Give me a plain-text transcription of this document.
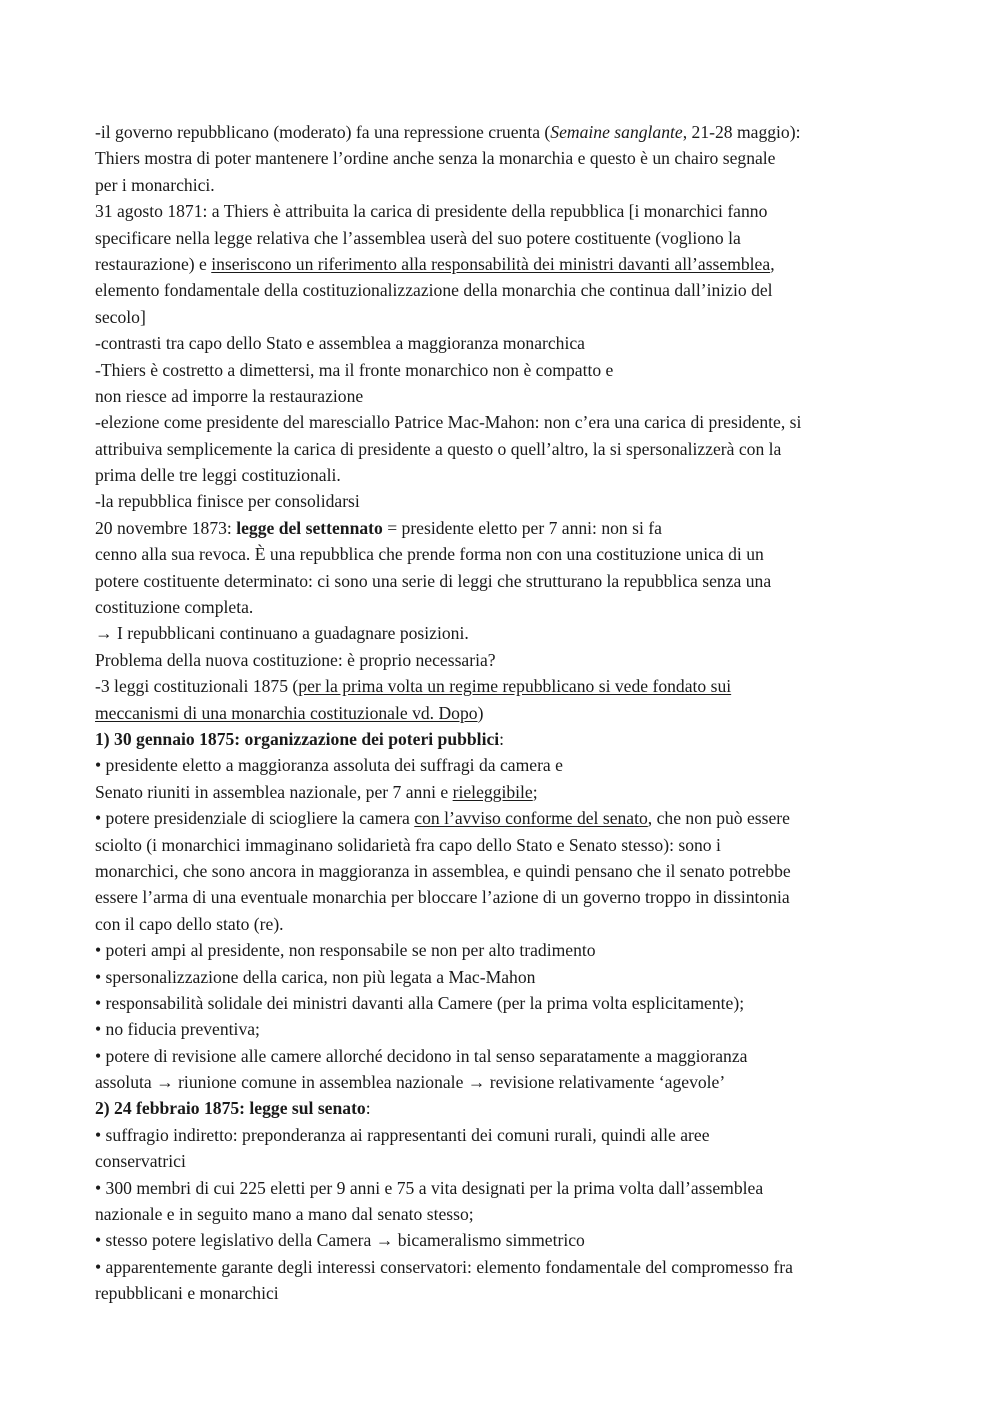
-il governo repubblicano (moderato) fa una repressione cruenta (Semaine sanglante, 21-28 maggio):
Thiers mostra di poter mantenere l’ordine anche senza la monarchia e questo è un chairo segnale
per i monarchici.
31 agosto 1871: a Thiers è attribuita la carica di presidente della repubblica [i monarchici fanno
specificare nella legge relativa che l’assemblea userà del suo potere costituente (vogliono la
restaurazione) e inseriscono un riferimento alla responsabilità dei ministri davanti all’assemblea,
elemento fondamentale della costituzionalizzazione della monarchia che continua dall’inizio del
secolo]
-contrasti tra capo dello Stato e assemblea a maggioranza monarchica
-Thiers è costretto a dimettersi, ma il fronte monarchico non è compatto e
non riesce ad imporre la restaurazione
-elezione come presidente del maresciallo Patrice Mac-Mahon: non c’era una carica di presidente, si
attribuiva semplicemente la carica di presidente a questo o quell’altro, la si spersonalizzerà con la
prima delle tre leggi costituzionali.
-la repubblica finisce per consolidarsi
20 novembre 1873: legge del settennato = presidente eletto per 7 anni: non si fa
cenno alla sua revoca. È una repubblica che prende forma non con una costituzione unica di un
potere costituente determinato: ci sono una serie di leggi che strutturano la repubblica senza una
costituzione completa.
→ I repubblicani continuano a guadagnare posizioni.
Problema della nuova costituzione: è proprio necessaria?
-3 leggi costituzionali 1875 (per la prima volta un regime repubblicano si vede fondato sui
meccanismi di una monarchia costituzionale vd. Dopo)
1) 30 gennaio 1875: organizzazione dei poteri pubblici:
• presidente eletto a maggioranza assoluta dei suffragi da camera e
Senato riuniti in assemblea nazionale, per 7 anni e rieleggibile;
• potere presidenziale di sciogliere la camera con l’avviso conforme del senato, che non può essere
sciolto (i monarchici immaginano solidarietà fra capo dello Stato e Senato stesso): sono i
monarchici, che sono ancora in maggioranza in assemblea, e quindi pensano che il senato potrebbe
essere l’arma di una eventuale monarchia per bloccare l’azione di un governo troppo in dissintonia
con il capo dello stato (re).
• poteri ampi al presidente, non responsabile se non per alto tradimento
• spersonalizzazione della carica, non più legata a Mac-Mahon
• responsabilità solidale dei ministri davanti alla Camere (per la prima volta esplicitamente);
• no fiducia preventiva;
• potere di revisione alle camere allorché decidono in tal senso separatamente a maggioranza
assoluta → riunione comune in assemblea nazionale → revisione relativamente ‘agevole’
2) 24 febbraio 1875: legge sul senato:
• suffragio indiretto: preponderanza ai rappresentanti dei comuni rurali, quindi alle aree
conservatrici
• 300 membri di cui 225 eletti per 9 anni e 75 a vita designati per la prima volta dall’assemblea
nazionale e in seguito mano a mano dal senato stesso;
• stesso potere legislativo della Camera → bicameralismo simmetrico
• apparentemente garante degli interessi conservatori: elemento fondamentale del compromesso fra
repubblicani e monarchici
